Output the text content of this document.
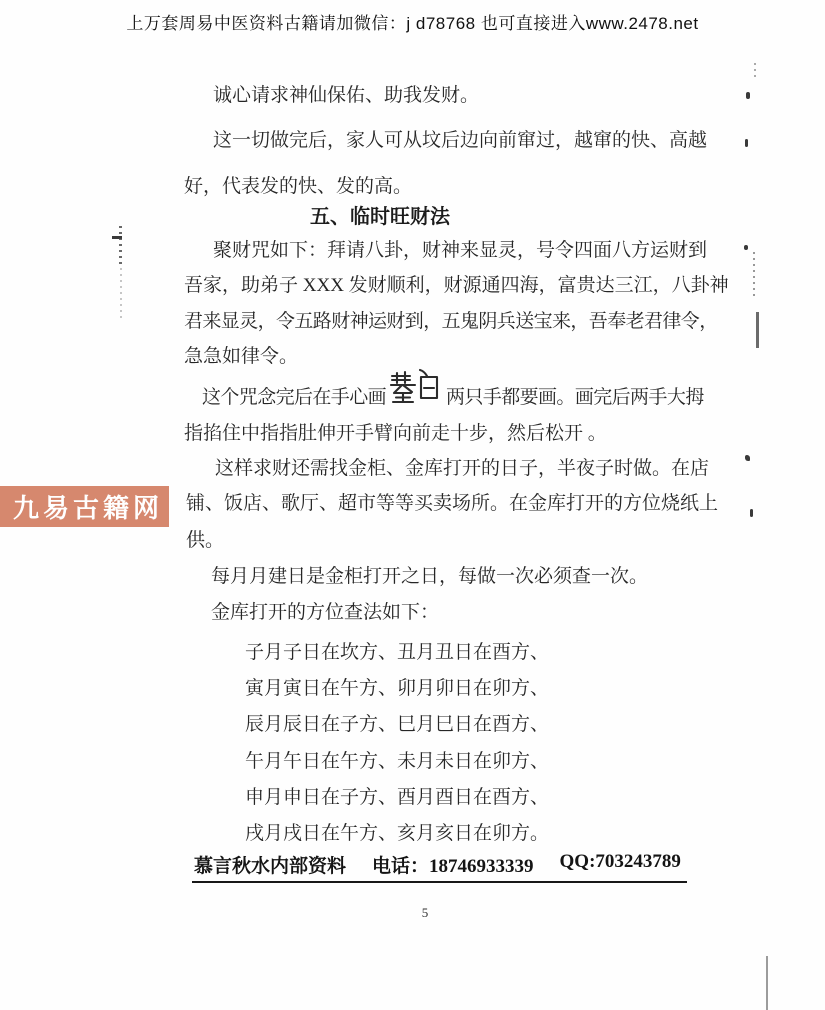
上万套周易中医资料古籍请加微信：j d78768 也可直接进入www.2478.net
诚心请求神仙保佑、助我发财。
这一切做完后，家人可从坟后边向前窜过，越窜的快、高越
好，代表发的快、发的高。
五、临时旺财法
聚财咒如下：拜请八卦，财神来显灵，号令四面八方运财到
吾家，助弟子 XXX 发财顺利，财源通四海，富贵达三江，八卦神
君来显灵，令五路财神运财到，五鬼阴兵送宝来，吾奉老君律令，
急急如律令。
这个咒念完后在手心画	两只手都要画。画完后两手大拇
指掐住中指指肚伸开手臂向前走十步，然后松开 。
这样求财还需找金柜、金库打开的日子，半夜子时做。在店
铺、饭店、歌厅、超市等等买卖场所。在金库打开的方位烧纸上
供。
每月月建日是金柜打开之日，每做一次必须查一次。
金库打开的方位查法如下：
子月子日在坎方、丑月丑日在酉方、
寅月寅日在午方、卯月卯日在卯方、
辰月辰日在子方、巳月巳日在酉方、
午月午日在午方、未月未日在卯方、
申月申日在子方、酉月酉日在酉方、
戌月戌日在午方、亥月亥日在卯方。
九易古籍网
慕言秋水内部资料 电话：18746933339 QQ:703243789
5
